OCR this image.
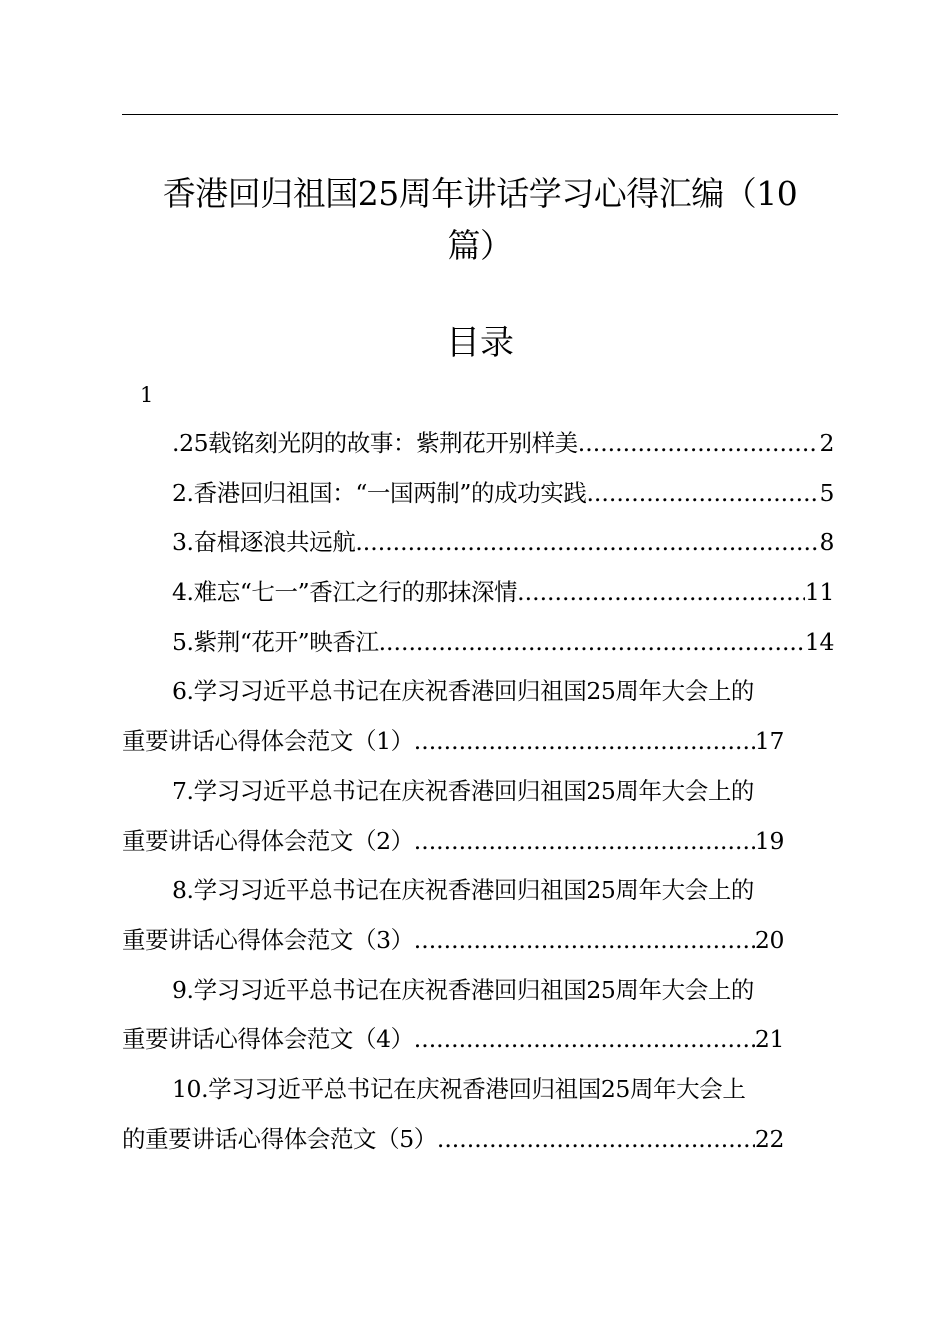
香港回归祖国25周年讲话学习心得汇编（10
篇）
目录
1
.25载铭刻光阴的故事：紫荆花开别样美 .....	2
2.香港回归祖国：“一国两制”的成功实践 .....	5
3.奋楫逐浪共远航 .....	8
4.难忘“七一”香江之行的那抹深情 .....	11
5.紫荆“花开”映香江 .....	14
6.学习习近平总书记在庆祝香港回归祖国25周年大会上的
重要讲话心得体会范文（1） .....	17
7.学习习近平总书记在庆祝香港回归祖国25周年大会上的
重要讲话心得体会范文（2） .....	19
8.学习习近平总书记在庆祝香港回归祖国25周年大会上的
重要讲话心得体会范文（3） .....	20
9.学习习近平总书记在庆祝香港回归祖国25周年大会上的
重要讲话心得体会范文（4） .....	21
10.学习习近平总书记在庆祝香港回归祖国25周年大会上
的重要讲话心得体会范文（5） .....	22
